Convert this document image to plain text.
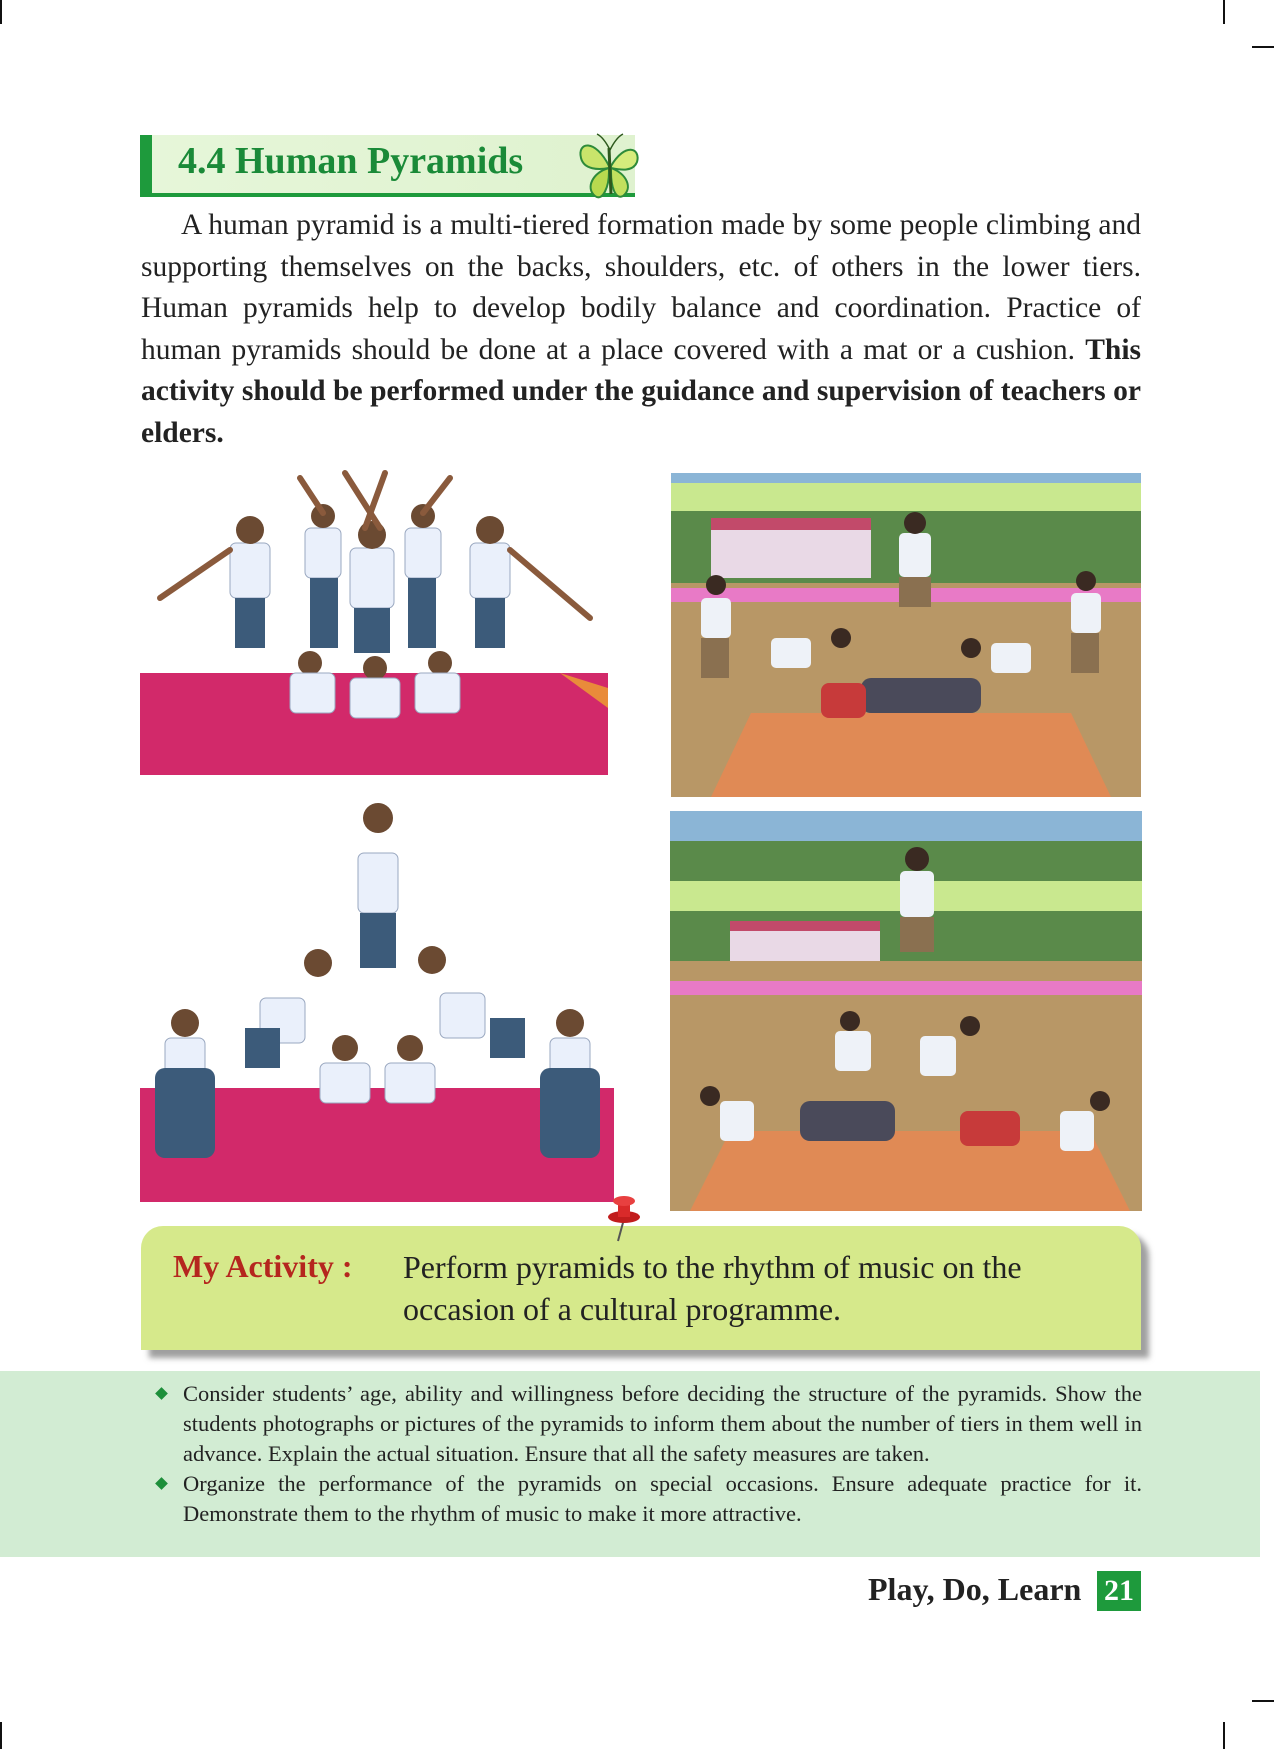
4.4 Human Pyramids

A human pyramid is a multi-tiered formation made by some people climbing and supporting themselves on the backs, shoulders, etc. of others in the lower tiers. Human pyramids help to develop bodily balance and coordination. Practice of human pyramids should be done at a place covered with a mat or a cushion. This activity should be performed under the guidance and supervision of teachers or elders.

My Activity : Perform pyramids to the rhythm of music on the occasion of a cultural programme.
Consider students’ age, ability and willingness before deciding the structure of the pyramids. Show the students photographs or pictures of the pyramids to inform them about the number of tiers in them well in advance. Explain the actual situation. Ensure that all the safety measures are taken.
Organize the performance of the pyramids on special occasions. Ensure adequate practice for it. Demonstrate them to the rhythm of music to make it more attractive.
Play, Do, Learn 21
